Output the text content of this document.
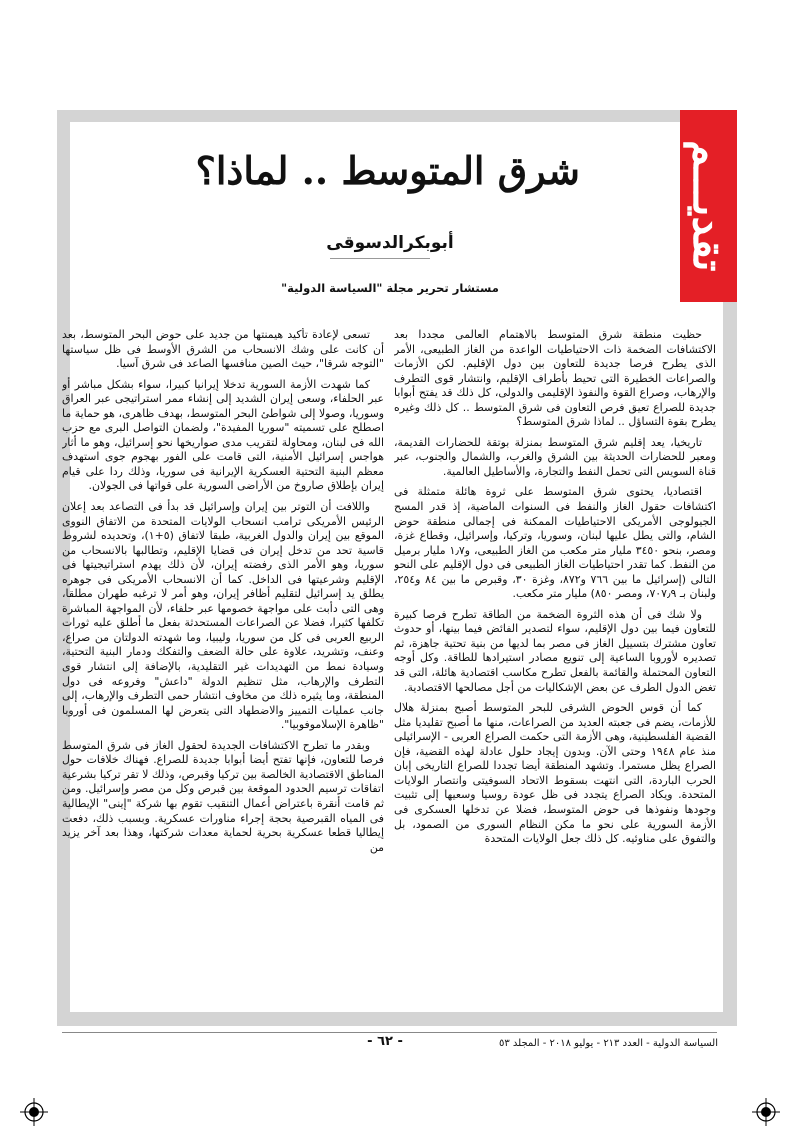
تقديـــم
شرق المتوسط .. لماذا؟
أبوبكرالدسوقى
مستشار تحرير مجلة "السياسة الدولية"

حظيت منطقة شرق المتوسط بالاهتمام العالمى مجددا بعد الاكتشافات الضخمة ذات الاحتياطيات الواعدة من الغاز الطبيعى، الأمر الذى يطرح فرصا جديدة للتعاون بين دول الإقليم. لكن الأزمات والصراعات الخطيرة التى تحيط بأطراف الإقليم، وانتشار قوى التطرف والإرهاب، وصراع القوة والنفوذ الإقليمى والدولى، كل ذلك قد يفتح أبوابا جديدة للصراع تعيق فرص التعاون فى شرق المتوسط .. كل ذلك وغيره يطرح بقوة التساؤل .. لماذا شرق المتوسط؟

تاريخيا، يعد إقليم شرق المتوسط بمنزلة بوتقة للحضارات القديمة، ومعبر للحضارات الحديثة بين الشرق والغرب، والشمال والجنوب، عبر قناة السويس التى تحمل النفط والتجارة، والأساطيل العالمية.

اقتصاديا، يحتوى شرق المتوسط على ثروة هائلة متمثلة فى اكتشافات حقول الغاز والنفط فى السنوات الماضية، إذ قدر المسح الجيولوجى الأمريكى الاحتياطيات الممكنة فى إجمالى منطقة حوض الشام، والتى يطل عليها لبنان، وسوريا، وتركيا، وإسرائيل، وقطاع غزة، ومصر، بنحو ٣٤٥٠ مليار متر مكعب من الغاز الطبيعى، و١٫٧ مليار برميل من النفط. كما تقدر احتياطيات الغاز الطبيعى فى دول الإقليم على النحو التالى (إسرائيل ما بين ٧٦٦ و٨٧٢، وغزة ٣٠، وقبرص ما بين ٨٤ و٢٥٤، ولبنان بـ ٧٠٧٫٩، ومصر ٨٥٠) مليار متر مكعب.

ولا شك فى أن هذه الثروة الضخمة من الطاقة تطرح فرصا كبيرة للتعاون فيما بين دول الإقليم، سواء لتصدير الفائض فيما بينها، أو حدوث تعاون مشترك بتسييل الغاز فى مصر بما لديها من بنية تحتية جاهزة، ثم تصديره لأوروبا الساعية إلى تنويع مصادر استيرادها للطاقة. وكل أوجه التعاون المحتملة والقائمة بالفعل تطرح مكاسب اقتصادية هائلة، التى قد تغض الدول الطرف عن بعض الإشكاليات من أجل مصالحها الاقتصادية.

كما أن قوس الحوض الشرقى للبحر المتوسط أصبح بمنزلة هلال للأزمات، يضم فى جعبته العديد من الصراعات، منها ما أصبح تقليديا مثل القضية الفلسطينية، وهى الأزمة التى حكمت الصراع العربى - الإسرائيلى منذ عام ١٩٤٨ وحتى الآن. وبدون إيجاد حلول عادلة لهذه القضية، فإن الصراع يظل مستمرا. وتشهد المنطقة أيضا تجددا للصراع التاريخى إبان الحرب الباردة، التى انتهت بسقوط الاتحاد السوفيتى وانتصار الولايات المتحدة. ويكاد الصراع يتجدد فى ظل عودة روسيا وسعيها إلى تثبيت وجودها ونفوذها فى حوض المتوسط، فضلا عن تدخلها العسكرى فى الأزمة السورية على نحو ما مكن النظام السورى من الصمود، بل والتفوق على مناوئيه. كل ذلك جعل الولايات المتحدة

تسعى لإعادة تأكيد هيمنتها من جديد على حوض البحر المتوسط، بعد أن كانت على وشك الانسحاب من الشرق الأوسط فى ظل سياستها "التوجه شرقا"، حيث الصين منافسها الصاعد فى شرق آسيا.

كما شهدت الأزمة السورية تدخلا إيرانيا كبيرا، سواء بشكل مباشر أو عبر الحلفاء، وسعى إيران الشديد إلى إنشاء ممر استراتيجى عبر العراق وسوريا، وصولا إلى شواطئ البحر المتوسط، بهدف ظاهرى، هو حماية ما اصطلح على تسميته "سوريا المفيدة"، ولضمان التواصل البرى مع حزب الله فى لبنان، ومحاولة لتقريب مدى صواريخها نحو إسرائيل، وهو ما أثار هواجس إسرائيل الأمنية، التى قامت على الفور بهجوم جوى استهدف معظم البنية التحتية العسكرية الإيرانية فى سوريا، وذلك ردا على قيام إيران بإطلاق صاروخ من الأراضى السورية على قواتها فى الجولان.

واللافت أن التوتر بين إيران وإسرائيل قد بدأ فى التصاعد بعد إعلان الرئيس الأمريكى ترامب انسحاب الولايات المتحدة من الاتفاق النووى الموقع بين إيران والدول الغربية، طبقا لاتفاق (٥+١)، وتحديده لشروط قاسية تحد من تدخل إيران فى قضايا الإقليم، وتطالبها بالانسحاب من سوريا، وهو الأمر الذى رفضته إيران، لأن ذلك يهدم استراتيجيتها فى الإقليم وشرعيتها فى الداخل. كما أن الانسحاب الأمريكى فى جوهره يطلق يد إسرائيل لتقليم أظافر إيران، وهو أمر لا ترغبه طهران مطلقا، وهى التى دأبت على مواجهة خصومها عبر حلفاء، لأن المواجهة المباشرة تكلفها كثيرا، فضلا عن الصراعات المستحدثة بفعل ما أطلق عليه ثورات الربيع العربى فى كل من سوريا، وليبيا، وما شهدته الدولتان من صراع، وعنف، وتشريد، علاوة على حالة الضعف والتفكك ودمار البنية التحتية، وسيادة نمط من التهديدات غير التقليدية، بالإضافة إلى انتشار قوى التطرف والإرهاب، مثل تنظيم الدولة "داعش" وفروعه فى دول المنطقة، وما يثيره ذلك من مخاوف انتشار حمى التطرف والإرهاب، إلى جانب عمليات التمييز والاضطهاد التى يتعرض لها المسلمون فى أوروبا "ظاهرة الإسلاموفوبيا".

وبقدر ما تطرح الاكتشافات الجديدة لحقول الغاز فى شرق المتوسط فرصا للتعاون، فإنها تفتح أيضا أبوابا جديدة للصراع. فهناك خلافات حول المناطق الاقتصادية الخالصة بين تركيا وقبرص، وذلك لا تقر تركيا بشرعية اتفاقات ترسيم الحدود الموقعة بين قبرص وكل من مصر وإسرائيل. ومن ثم قامت أنقرة باعتراض أعمال التنقيب تقوم بها شركة "إينى" الإيطالية فى المياه القبرصية بحجة إجراء مناورات عسكرية. وبسبب ذلك، دفعت إيطاليا قطعا عسكرية بحرية لحماية معدات شركتها، وهذا بعد آخر يزيد من

السياسة الدولية - العدد ٢١٣ - يوليو ٢٠١٨ - المجلد ٥٣
- ٦٢ -
